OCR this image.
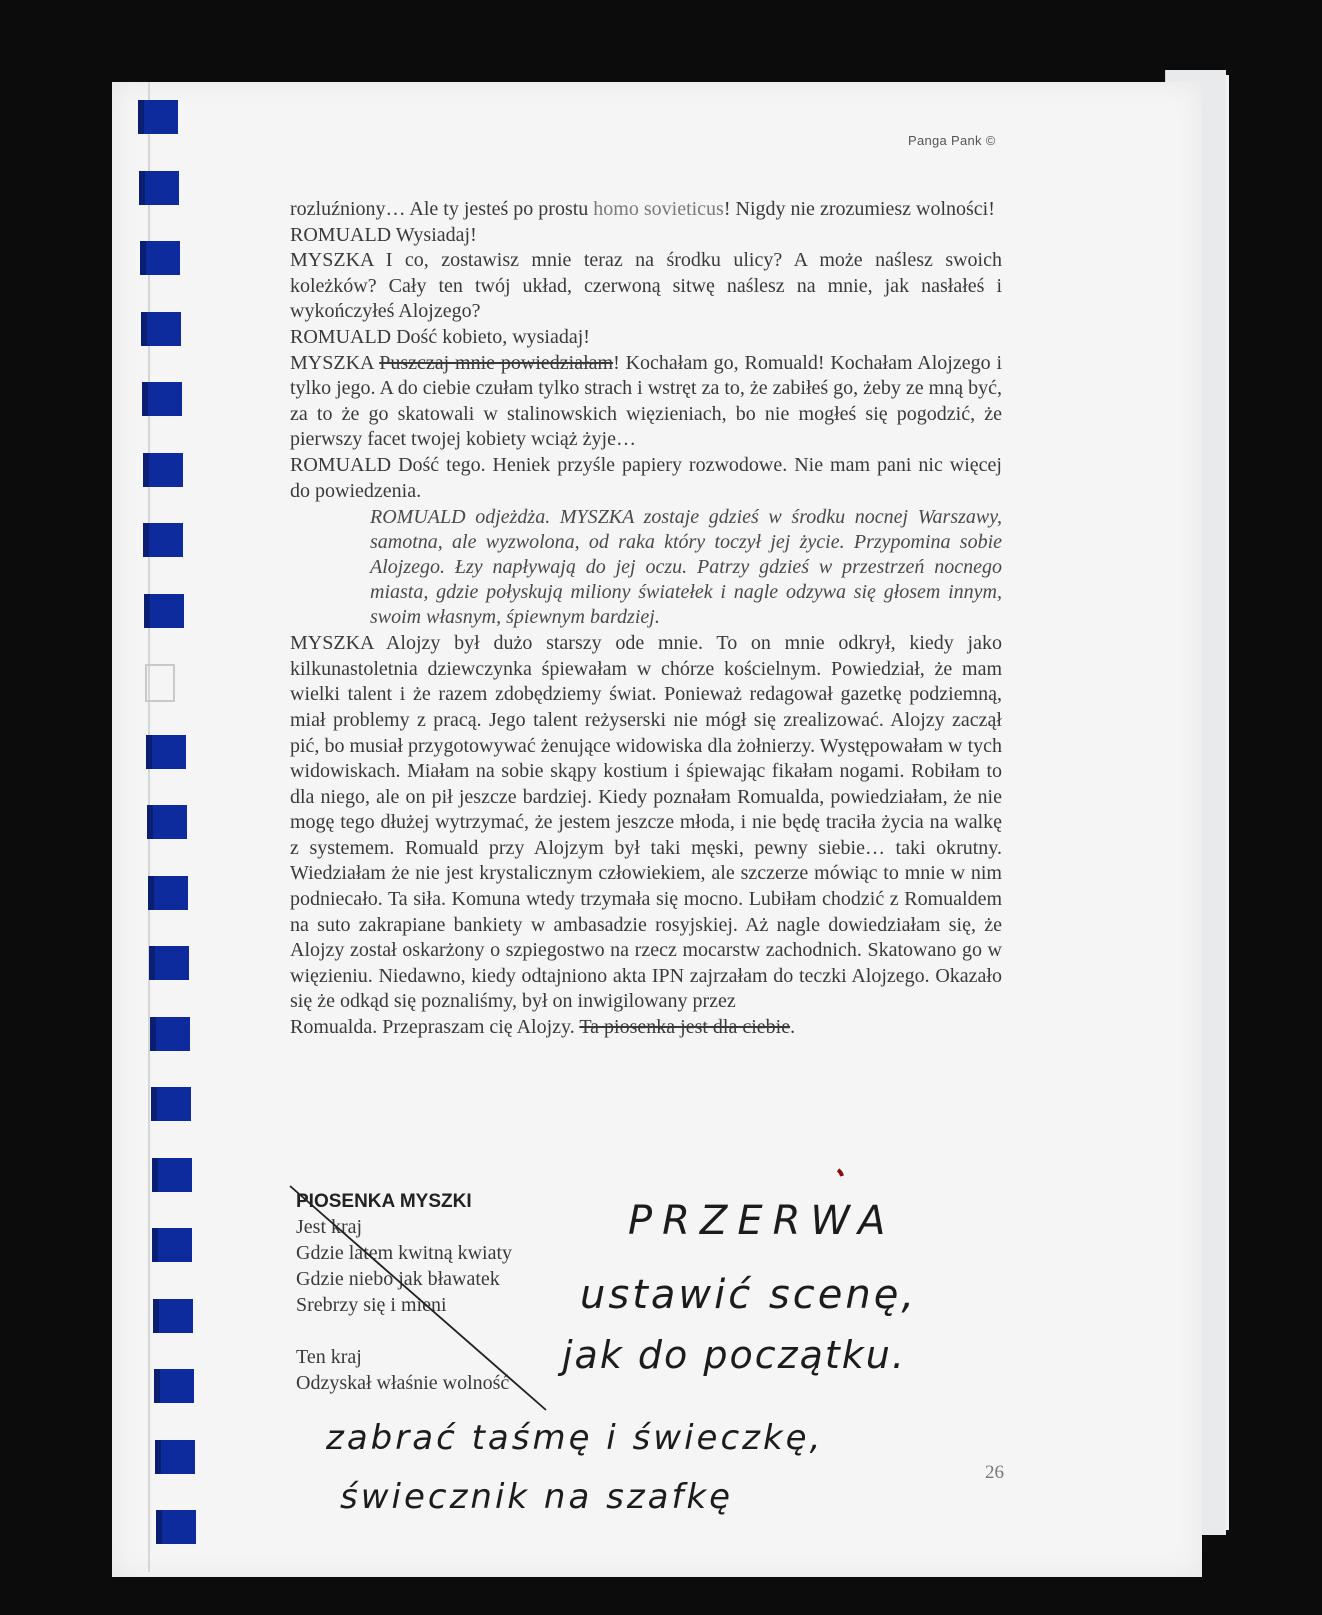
Panga Pank ©

rozluźniony… Ale ty jesteś po prostu homo sovieticus! Nigdy nie zrozumiesz wolności!

ROMUALD Wysiadaj!

MYSZKA I co, zostawisz mnie teraz na środku ulicy? A może naślesz swoich koleżków? Cały ten twój układ, czerwoną sitwę naślesz na mnie, jak nasłałeś i wykończyłeś Alojzego?

ROMUALD Dość kobieto, wysiadaj!

MYSZKA Puszczaj mnie powiedziałam! Kochałam go, Romuald! Kochałam Alojzego i tylko jego. A do ciebie czułam tylko strach i wstręt za to, że zabiłeś go, żeby ze mną być, za to że go skatowali w stalinowskich więzieniach, bo nie mogłeś się pogodzić, że pierwszy facet twojej kobiety wciąż żyje…

ROMUALD Dość tego. Heniek przyśle papiery rozwodowe. Nie mam pani nic więcej do powiedzenia.

ROMUALD odjeżdża. MYSZKA zostaje gdzieś w środku nocnej Warszawy, samotna, ale wyzwolona, od raka który toczył jej życie. Przypomina sobie Alojzego. Łzy napływają do jej oczu. Patrzy gdzieś w przestrzeń nocnego miasta, gdzie połyskują miliony światełek i nagle odzywa się głosem innym, swoim własnym, śpiewnym bardziej.

MYSZKA Alojzy był dużo starszy ode mnie. To on mnie odkrył, kiedy jako kilkunastoletnia dziewczynka śpiewałam w chórze kościelnym. Powiedział, że mam wielki talent i że razem zdobędziemy świat. Ponieważ redagował gazetkę podziemną, miał problemy z pracą. Jego talent reżyserski nie mógł się zrealizować. Alojzy zaczął pić, bo musiał przygotowywać żenujące widowiska dla żołnierzy. Występowałam w tych widowiskach. Miałam na sobie skąpy kostium i śpiewając fikałam nogami. Robiłam to dla niego, ale on pił jeszcze bardziej. Kiedy poznałam Romualda, powiedziałam, że nie mogę tego dłużej wytrzymać, że jestem jeszcze młoda, i nie będę traciła życia na walkę z systemem. Romuald przy Alojzym był taki męski, pewny siebie… taki okrutny. Wiedziałam że nie jest krystalicznym człowiekiem, ale szczerze mówiąc to mnie w nim podniecało. Ta siła. Komuna wtedy trzymała się mocno. Lubiłam chodzić z Romualdem na suto zakrapiane bankiety w ambasadzie rosyjskiej. Aż nagle dowiedziałam się, że Alojzy został oskarżony o szpiegostwo na rzecz mocarstw zachodnich. Skatowano go w więzieniu. Niedawno, kiedy odtajniono akta IPN zajrzałam do teczki Alojzego. Okazało się że odkąd się poznaliśmy, był on inwigilowany przez

Romualda. Przepraszam cię Alojzy. Ta piosenka jest dla ciebie.

PIOSENKA MYSZKI
Jest kraj
Gdzie latem kwitną kwiaty
Gdzie niebo jak bławatek
Srebrzy się i mieni
Ten kraj
Odzyskał właśnie wolność
PRZERWA
ustawić scenę,
jak do początku.
zabrać taśmę i świeczkę,
świecznik na szafkę
26
